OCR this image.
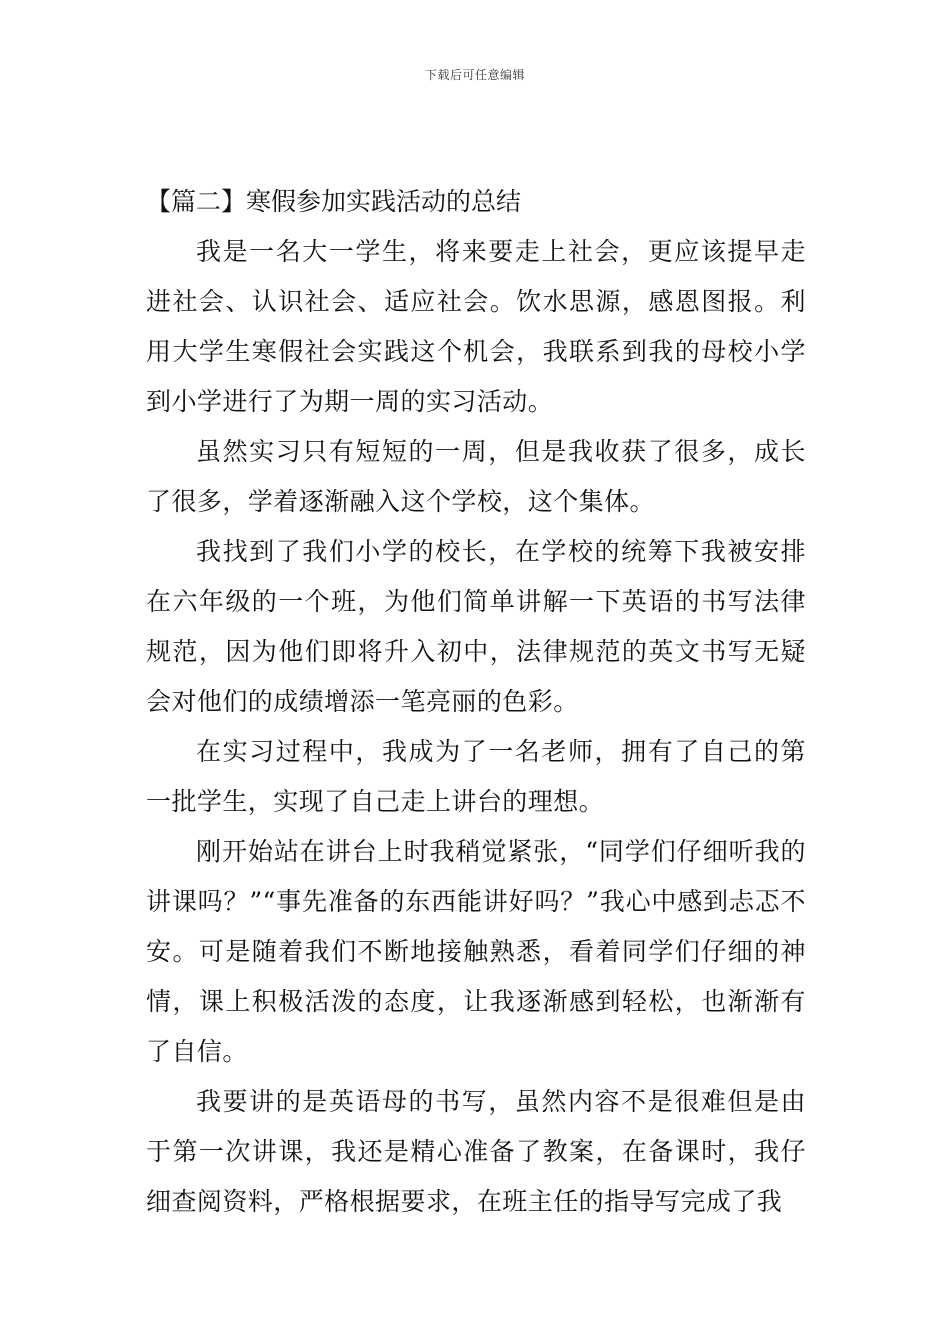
下载后可任意编辑
【篇二】寒假参加实践活动的总结

我是一名大一学生，将来要走上社会，更应该提早走进社会、认识社会、适应社会。饮水思源，感恩图报。利用大学生寒假社会实践这个机会，我联系到我的母校小学到小学进行了为期一周的实习活动。

虽然实习只有短短的一周，但是我收获了很多，成长了很多，学着逐渐融入这个学校，这个集体。

我找到了我们小学的校长，在学校的统筹下我被安排在六年级的一个班，为他们简单讲解一下英语的书写法律规范，因为他们即将升入初中，法律规范的英文书写无疑会对他们的成绩增添一笔亮丽的色彩。

在实习过程中，我成为了一名老师，拥有了自己的第一批学生，实现了自己走上讲台的理想。

刚开始站在讲台上时我稍觉紧张，“同学们仔细听我的讲课吗？”“事先准备的东西能讲好吗？”我心中感到忐忑不安。可是随着我们不断地接触熟悉，看着同学们仔细的神情，课上积极活泼的态度，让我逐渐感到轻松，也渐渐有了自信。

我要讲的是英语母的书写，虽然内容不是很难但是由于第一次讲课，我还是精心准备了教案，在备课时，我仔细查阅资料，严格根据要求，在班主任的指导写完成了我
